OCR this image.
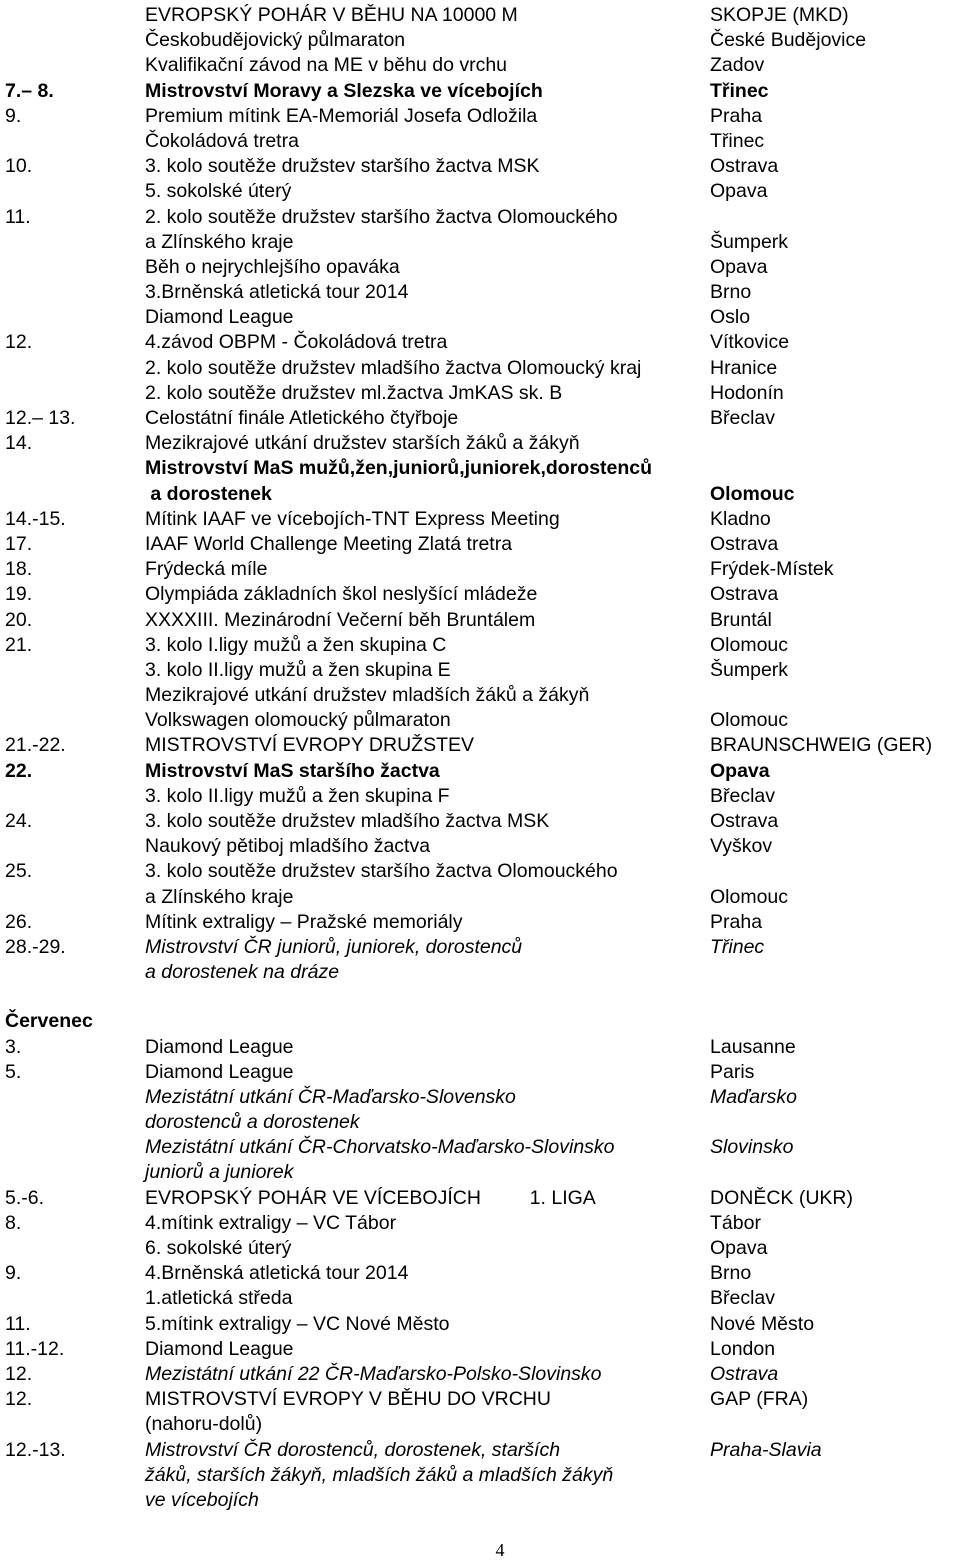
EVROPSKÝ POHÁR V BĚHU NA 10000 M	SKOPJE (MKD)
Českobudějovický půlmaraton	České Budějovice
Kvalifikační závod na ME v běhu do vrchu	Zadov
7.– 8.	Mistrovství Moravy a Slezska ve vícebojích	Třinec
9.	Premium mítink EA-Memoriál Josefa Odložila	Praha
Čokoládová tretra	Třinec
10.	3. kolo soutěže družstev staršího žactva MSK	Ostrava
5. sokolské úterý	Opava
11.	2. kolo soutěže družstev staršího žactva Olomouckého
a Zlínského kraje	Šumperk
Běh o nejrychlejšího opaváka	Opava
3.Brněnská atletická tour 2014	Brno
Diamond League	Oslo
12.	4.závod OBPM - Čokoládová tretra	Vítkovice
2. kolo soutěže družstev mladšího žactva Olomoucký kraj	Hranice
2. kolo soutěže družstev ml.žactva JmKAS sk. B	Hodonín
12.– 13.	Celostátní finále Atletického čtyřboje	Břeclav
14.	Mezikrajové utkání družstev starších žáků a žákyň
Mistrovství MaS mužů,žen,juniorů,juniorek,dorostenců
a dorostenek	Olomouc
14.-15.	Mítink IAAF ve vícebojích-TNT Express Meeting	Kladno
17.	IAAF World Challenge Meeting Zlatá tretra	Ostrava
18.	Frýdecká míle	Frýdek-Místek
19.	Olympiáda základních škol neslyšící mládeže	Ostrava
20.	XXXXIII. Mezinárodní Večerní běh Bruntálem	Bruntál
21.	3. kolo I.ligy mužů a žen skupina C	Olomouc
3. kolo II.ligy mužů a žen skupina E	Šumperk
Mezikrajové utkání družstev mladších žáků a žákyň
Volkswagen olomoucký půlmaraton	Olomouc
21.-22.	MISTROVSTVÍ EVROPY DRUŽSTEV	BRAUNSCHWEIG (GER)
22.	Mistrovství MaS staršího žactva	Opava
3. kolo II.ligy mužů a žen skupina F	Břeclav
24.	3. kolo soutěže družstev mladšího žactva MSK	Ostrava
Naukový pětiboj mladšího žactva	Vyškov
25.	3. kolo soutěže družstev staršího žactva Olomouckého
a Zlínského kraje	Olomouc
26.	Mítink extraligy – Pražské memoriály	Praha
28.-29.	Mistrovství ČR juniorů, juniorek, dorostenců	Třinec
a dorostenek na dráze
Červenec
3.	Diamond League	Lausanne
5.	Diamond League	Paris
Mezistátní utkání ČR-Maďarsko-Slovensko	Maďarsko
dorostenců a dorostenek
Mezistátní utkání ČR-Chorvatsko-Maďarsko-Slovinsko	Slovinsko
juniorů a juniorek
5.-6.	EVROPSKÝ POHÁR VE VÍCEBOJÍCH         1. LIGA	DONĚCK (UKR)
8.	4.mítink extraligy – VC Tábor	Tábor
6. sokolské úterý	Opava
9.	4.Brněnská atletická tour 2014	Brno
1.atletická středa	Břeclav
11.	5.mítink extraligy – VC Nové Město	Nové Město
11.-12.	Diamond League	London
12.	Mezistátní utkání 22 ČR-Maďarsko-Polsko-Slovinsko	Ostrava
12.	MISTROVSTVÍ EVROPY V BĚHU DO VRCHU	GAP (FRA)
(nahoru-dolů)
12.-13.	Mistrovství ČR dorostenců, dorostenek, starších	Praha-Slavia
žáků, starších žákyň, mladších žáků a mladších žákyň
ve vícebojích
4
